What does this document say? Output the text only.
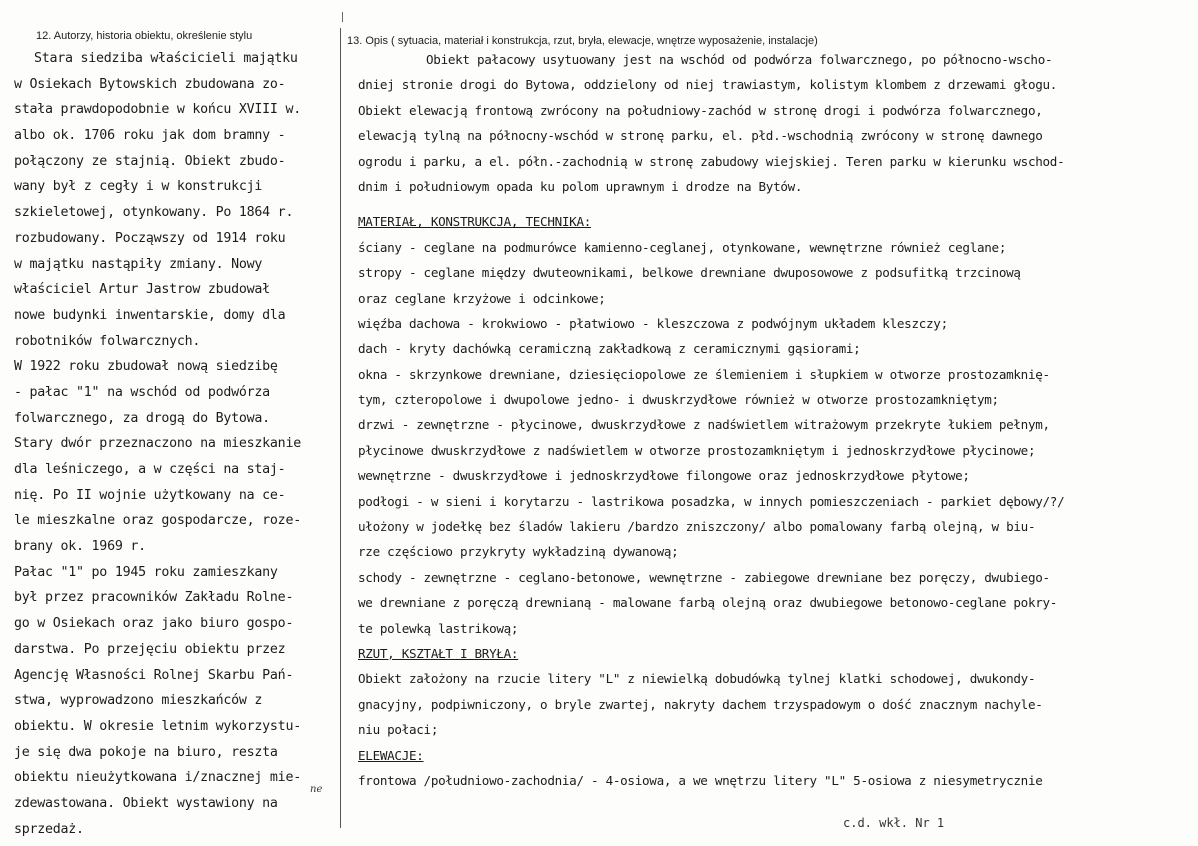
12. Autorzy, historia obiektu, określenie stylu	13. Opis ( sytuacia, materiał i konstrukcja, rzut, bryła, elewacje, wnętrze wyposażenie, instalacje)
Stara siedziba właścicieli majątku
w Osiekach Bytowskich zbudowana zo-
stała prawdopodobnie w końcu XVIII w.
albo ok. 1706 roku jak dom bramny -
połączony ze stajnią. Obiekt zbudo-
wany był z cegły i w konstrukcji
szkieletowej, otynkowany. Po 1864 r.
rozbudowany. Począwszy od 1914 roku
w majątku nastąpiły zmiany. Nowy
właściciel Artur Jastrow zbudował
nowe budynki inwentarskie, domy dla
robotników folwarcznych.
W 1922 roku zbudował nową siedzibę
- pałac "1" na wschód od podwórza
folwarcznego, za drogą do Bytowa.
Stary dwór przeznaczono na mieszkanie
dla leśniczego, a w części na staj-
nię. Po II wojnie użytkowany na ce-
le mieszkalne oraz gospodarcze, roze-
brany ok. 1969 r.
Pałac "1" po 1945 roku zamieszkany
był przez pracowników Zakładu Rolne-
go w Osiekach oraz jako biuro gospo-
darstwa. Po przejęciu obiektu przez
Agencję Własności Rolnej Skarbu Pań-
stwa, wyprowadzono mieszkańców z
obiektu. W okresie letnim wykorzystu-
je się dwa pokoje na biuro, reszta
obiektu nieużytkowana i/znacznej mie-
zdewastowana. Obiekt wystawiony na
sprzedaż.
ne
Obiekt pałacowy usytuowany jest na wschód od podwórza folwarcznego, po północno-wscho-
dniej stronie drogi do Bytowa, oddzielony od niej trawiastym, kolistym klombem z drzewami głogu.
Obiekt elewacją frontową zwrócony na południowy-zachód w stronę drogi i podwórza folwarcznego,
elewacją tylną na północny-wschód w stronę parku, el. płd.-wschodnią zwrócony w stronę dawnego
ogrodu i parku, a el. półn.-zachodnią w stronę zabudowy wiejskiej. Teren parku w kierunku wschod-
dnim i południowym opada ku polom uprawnym i drodze na Bytów.
MATERIAŁ, KONSTRUKCJA, TECHNIKA:
ściany - ceglane na podmurówce kamienno-ceglanej, otynkowane, wewnętrzne również ceglane;
stropy - ceglane między dwuteownikami, belkowe drewniane dwuposowowe z podsufitką trzcinową
oraz ceglane krzyżowe i odcinkowe;
więźba dachowa - krokwiowo - płatwiowo - kleszczowa z podwójnym układem kleszczy;
dach - kryty dachówką ceramiczną zakładkową z ceramicznymi gąsiorami;
okna - skrzynkowe drewniane, dziesięciopolowe ze ślemieniem i słupkiem w otworze prostozamknię-
tym, czteropolowe i dwupolowe jedno- i dwuskrzydłowe również w otworze prostozamkniętym;
drzwi - zewnętrzne - płycinowe, dwuskrzydłowe z nadświetlem witrażowym przekryte łukiem pełnym,
płycinowe dwuskrzydłowe z nadświetlem w otworze prostozamkniętym i jednoskrzydłowe płycinowe;
wewnętrzne - dwuskrzydłowe i jednoskrzydłowe filongowe oraz jednoskrzydłowe płytowe;
podłogi - w sieni i korytarzu - lastrikowa posadzka, w innych pomieszczeniach - parkiet dębowy/?/
ułożony w jodełkę bez śladów lakieru /bardzo zniszczony/ albo pomalowany farbą olejną, w biu-
rze częściowo przykryty wykładziną dywanową;
schody - zewnętrzne - ceglano-betonowe, wewnętrzne - zabiegowe drewniane bez poręczy, dwubiego-
we drewniane z poręczą drewnianą - malowane farbą olejną oraz dwubiegowe betonowo-ceglane pokry-
te polewką lastrikową;
RZUT, KSZTAŁT I BRYŁA:
Obiekt założony na rzucie litery "L" z niewielką dobudówką tylnej klatki schodowej, dwukondy-
gnacyjny, podpiwniczony, o bryle zwartej, nakryty dachem trzyspadowym o dość znacznym nachyle-
niu połaci;
ELEWACJE:
frontowa /południowo-zachodnia/ - 4-osiowa, a we wnętrzu litery "L" 5-osiowa z niesymetrycznie
c.d. wkł. Nr 1
